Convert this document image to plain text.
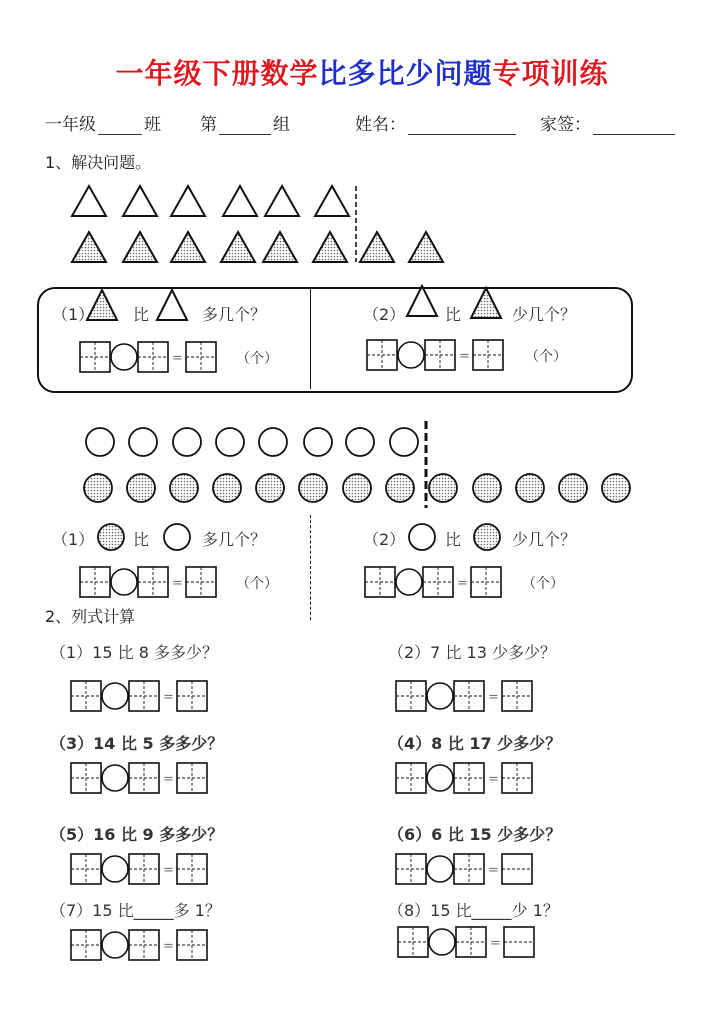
一年级下册数学比多比少问题专项训练
一年级	班 第	组	姓名：	家签：
1、解决问题。
（1） 比	多几个？
（个）
（2） 比	少几个？
（个）
（1） 比	多几个？
（个）
（2） 比	少几个？
（个）
2、列式计算
（1）15 比 8 多多少？	（2）7 比 13 少多少？
（3）14 比 5 多多少？	（4）8 比 17 少多少？
（5）16 比 9 多多少？	（6）6 比 15 少多少？
（7）15 比_____多 1？	（8）15 比_____少 1？
=	=
=	=
=	=
=	=
=	=
=	=
